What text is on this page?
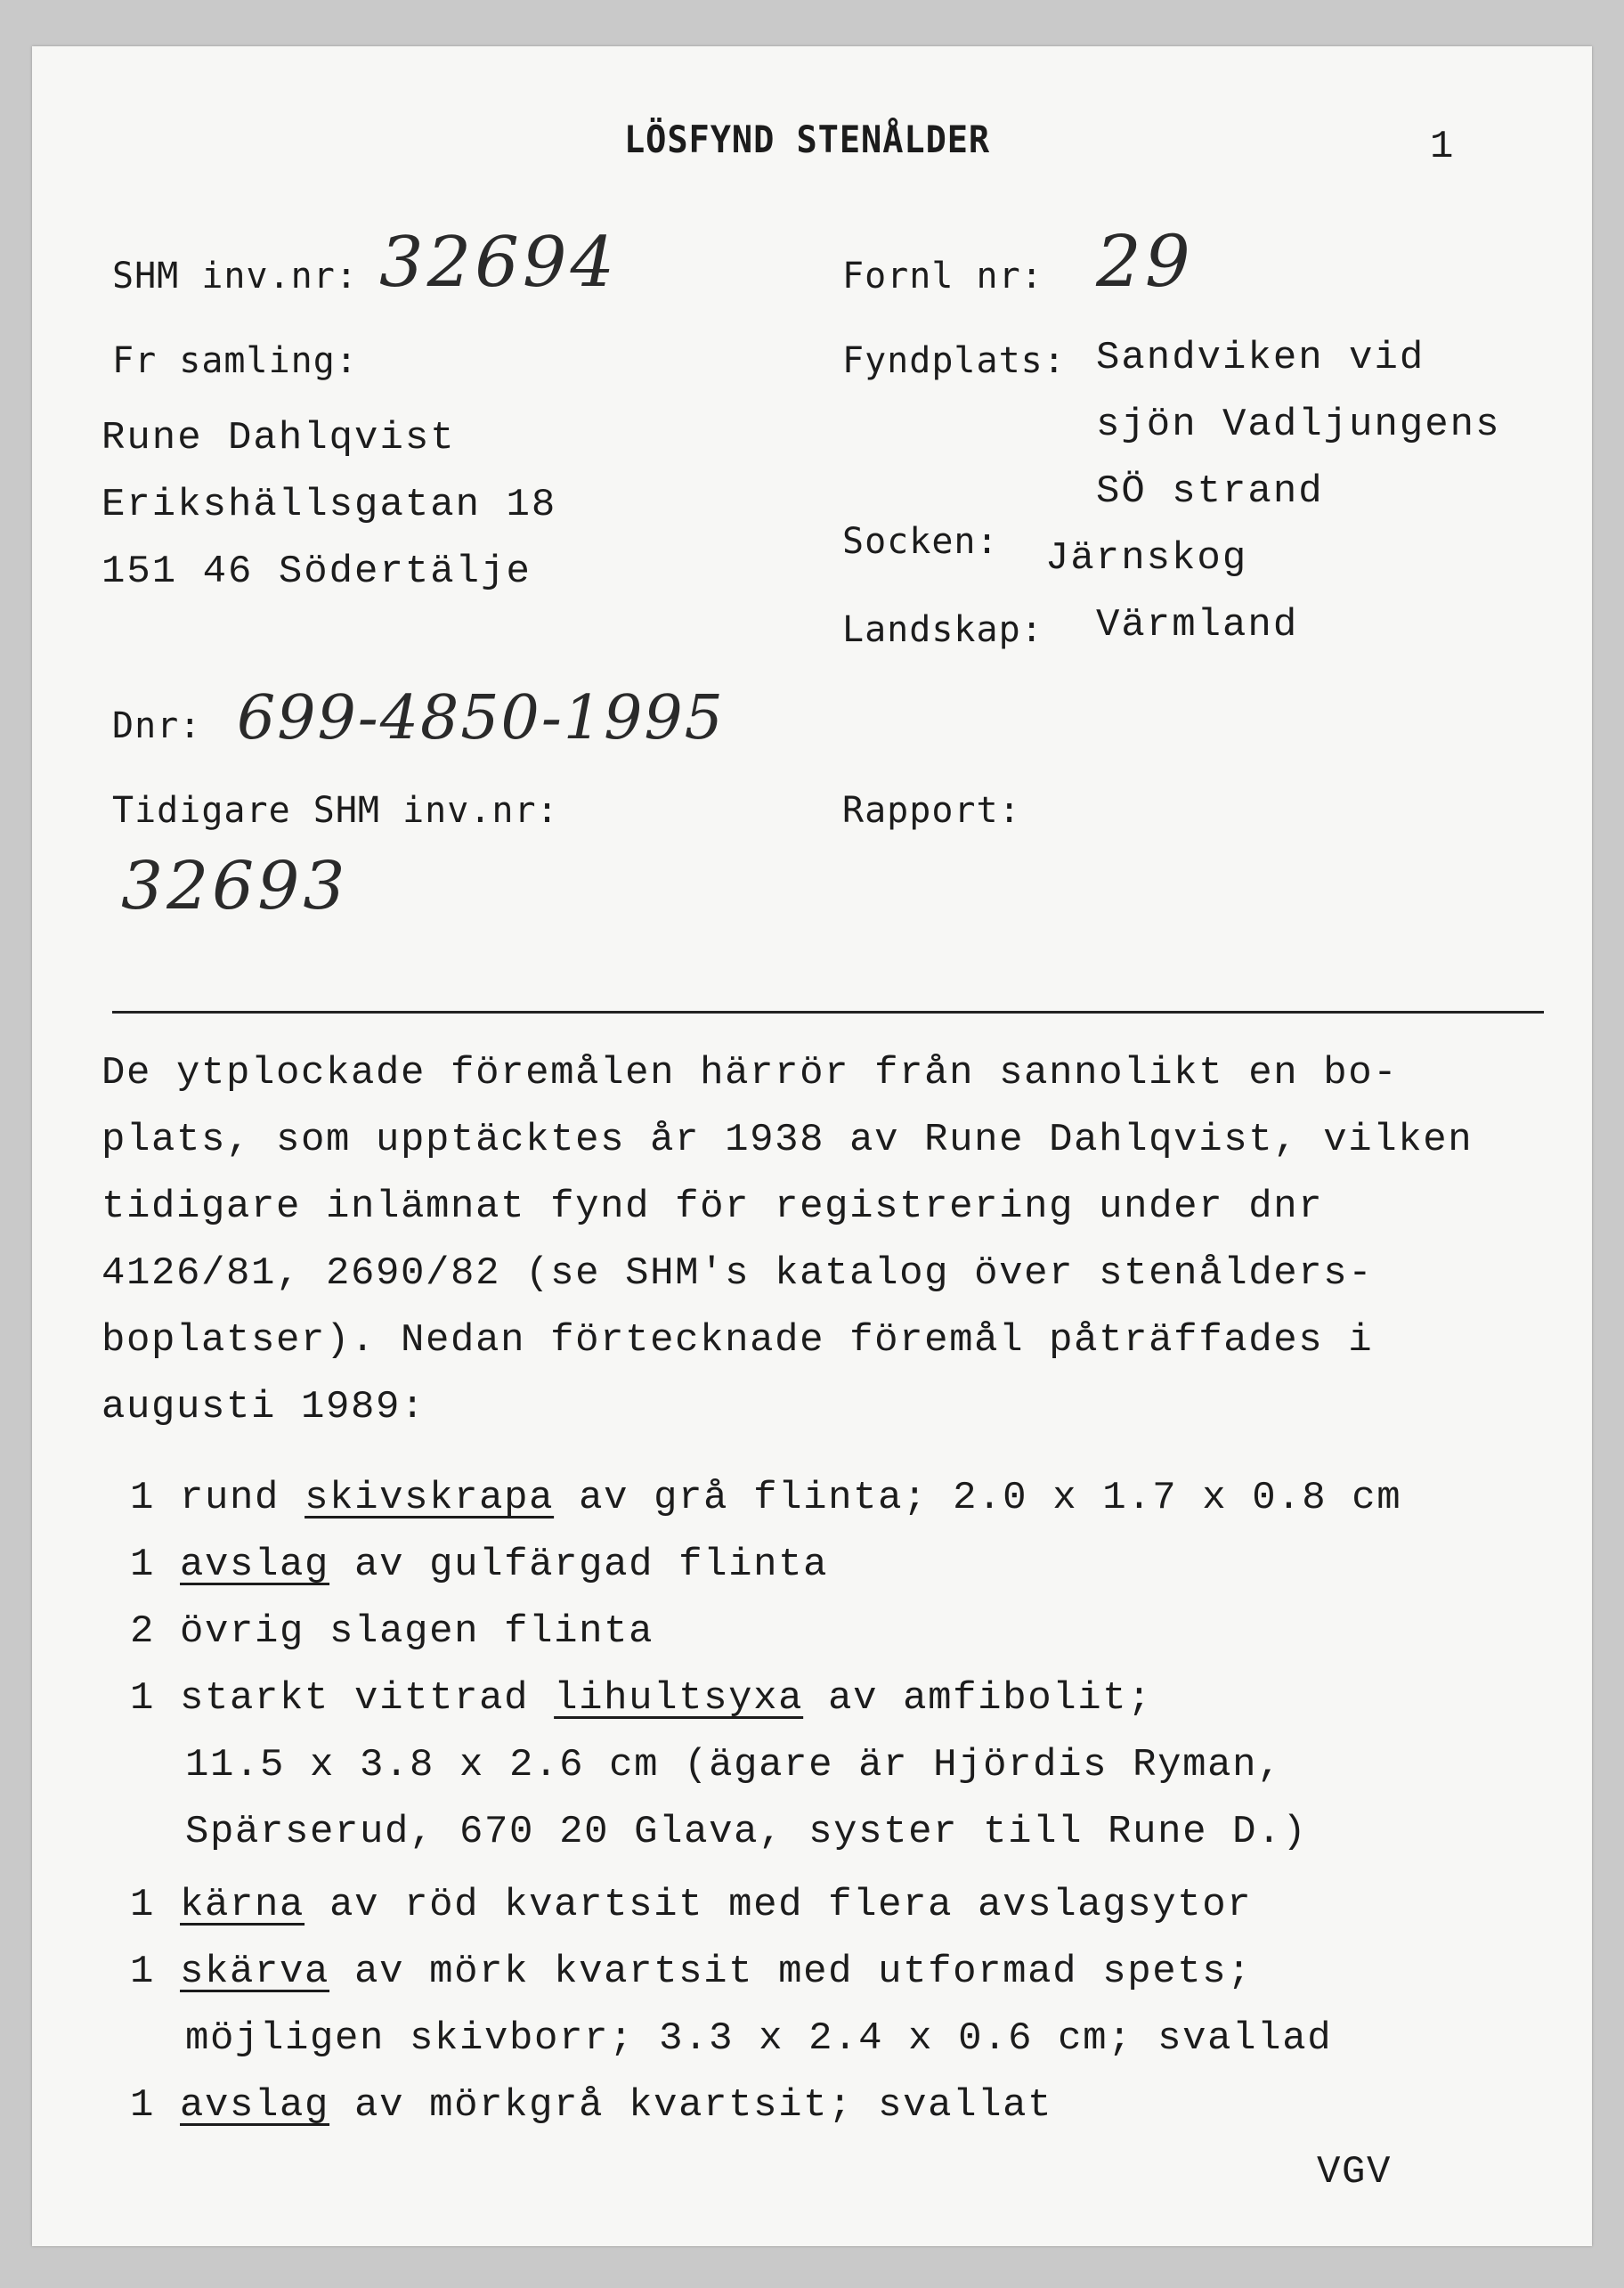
LÖSFYND STENÅLDER	1
SHM inv.nr: 32694
Fr samling:
Rune Dahlqvist
Erikshällsgatan 18
151 46 Södertälje
Dnr: 699-4850-1995
Tidigare SHM inv.nr:
32693
Fornl nr: 29
Fyndplats: Sandviken vid
sjön Vadljungens
SÖ strand
Socken: Järnskog
Landskap: Värmland
Rapport:
De ytplockade föremålen härrör från sannolikt en bo-
plats, som upptäcktes år 1938 av Rune Dahlqvist, vilken
tidigare inlämnat fynd för registrering under dnr
4126/81, 2690/82 (se SHM's katalog över stenålders-
boplatser). Nedan förtecknade föremål påträffades i
augusti 1989:
1 rund skivskrapa av grå flinta; 2.0 x 1.7 x 0.8 cm
1 avslag av gulfärgad flinta
2 övrig slagen flinta
1 starkt vittrad lihultsyxa av amfibolit;
11.5 x 3.8 x 2.6 cm (ägare är Hjördis Ryman,
Spärserud, 670 20 Glava, syster till Rune D.)
1 kärna av röd kvartsit med flera avslagsytor
1 skärva av mörk kvartsit med utformad spets;
möjligen skivborr; 3.3 x 2.4 x 0.6 cm; svallad
1 avslag av mörkgrå kvartsit; svallat
VGV
